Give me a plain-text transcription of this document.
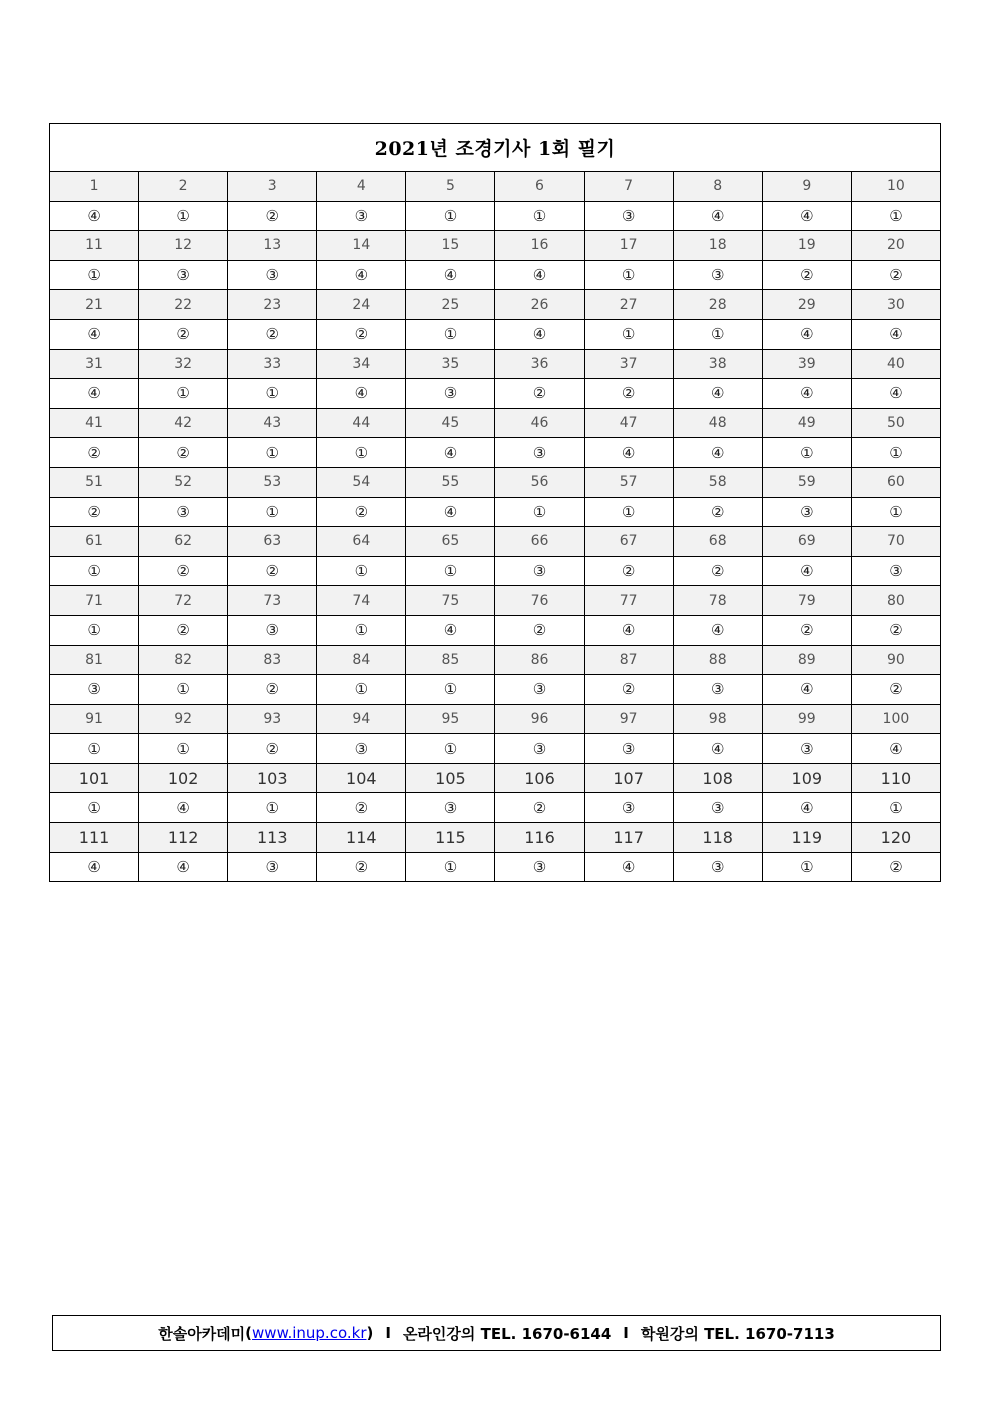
2021년 조경기사 1회 필기									
1	2	3	4	5	6	7	8	9	10
④	①	②	③	①	①	③	④	④	①
11	12	13	14	15	16	17	18	19	20
①	③	③	④	④	④	①	③	②	②
21	22	23	24	25	26	27	28	29	30
④	②	②	②	①	④	①	①	④	④
31	32	33	34	35	36	37	38	39	40
④	①	①	④	③	②	②	④	④	④
41	42	43	44	45	46	47	48	49	50
②	②	①	①	④	③	④	④	①	①
51	52	53	54	55	56	57	58	59	60
②	③	①	②	④	①	①	②	③	①
61	62	63	64	65	66	67	68	69	70
①	②	②	①	①	③	②	②	④	③
71	72	73	74	75	76	77	78	79	80
①	②	③	①	④	②	④	④	②	②
81	82	83	84	85	86	87	88	89	90
③	①	②	①	①	③	②	③	④	②
91	92	93	94	95	96	97	98	99	100
①	①	②	③	①	③	③	④	③	④
101	102	103	104	105	106	107	108	109	110
①	④	①	②	③	②	③	③	④	①
111	112	113	114	115	116	117	118	119	120
④	④	③	②	①	③	④	③	①	②
한솔아카데미 ( www.inup.co.kr ) I 온라인강의 TEL. 1670-6144 I 학원강의 TEL. 1670-7113
